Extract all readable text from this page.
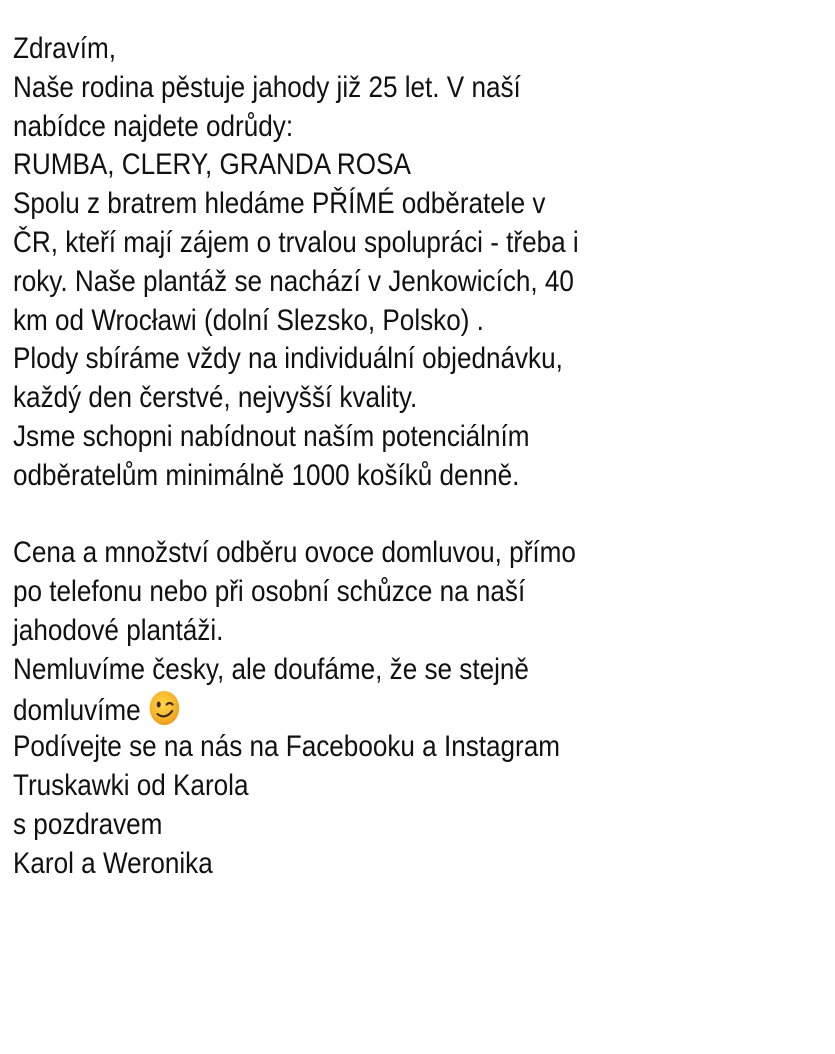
Zdravím,
Naše rodina pěstuje jahody již 25 let. V naší
nabídce najdete odrůdy:
RUMBA, CLERY, GRANDA ROSA
Spolu z bratrem hledáme PŘÍMÉ odběratele v
ČR, kteří mají zájem o trvalou spolupráci - třeba i
roky. Naše plantáž se nachází v Jenkowicích, 40
km od Wrocławi (dolní Slezsko, Polsko) .
Plody sbíráme vždy na individuální objednávku,
každý den čerstvé, nejvyšší kvality.
Jsme schopni nabídnout naším potenciálním
odběratelům minimálně 1000 košíků denně.
Cena a množství odběru ovoce domluvou, přímo
po telefonu nebo při osobní schůzce na naší
jahodové plantáži.
Nemluvíme česky, ale doufáme, že se stejně
domluvíme
Podívejte se na nás na Facebooku a Instagram
Truskawki od Karola
s pozdravem
Karol a Weronika
